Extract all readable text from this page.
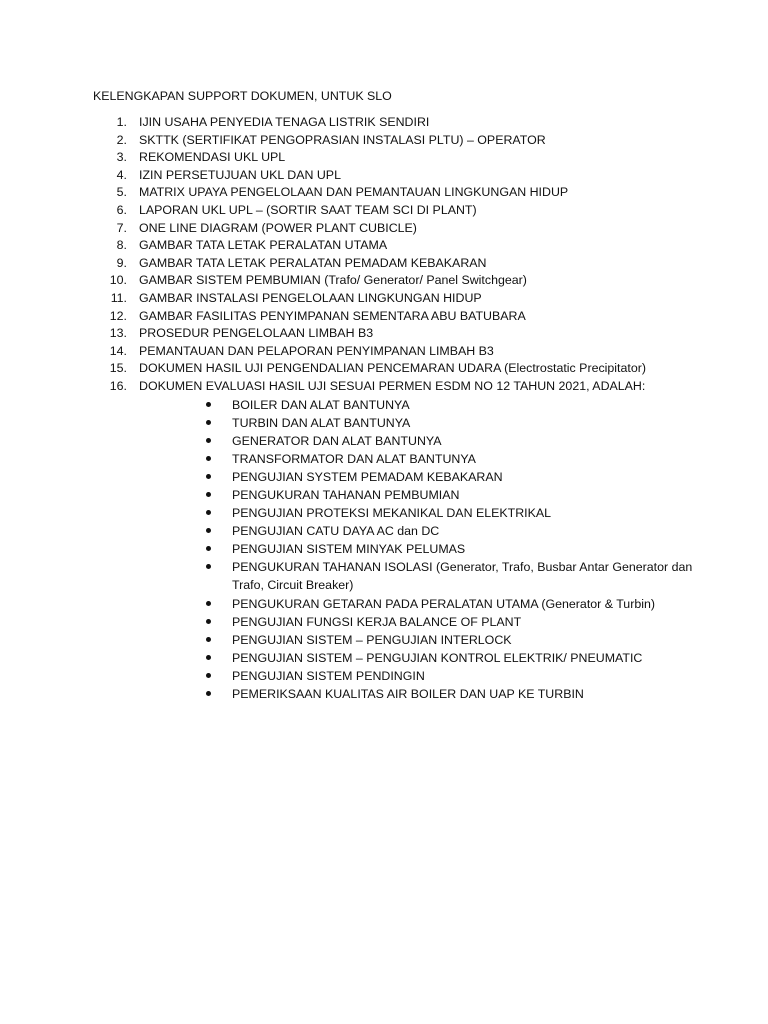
KELENGKAPAN SUPPORT DOKUMEN, UNTUK SLO
1. IJIN USAHA PENYEDIA TENAGA LISTRIK SENDIRI
2. SKTTK (SERTIFIKAT PENGOPRASIAN INSTALASI PLTU) – OPERATOR
3. REKOMENDASI UKL UPL
4. IZIN PERSETUJUAN UKL DAN UPL
5. MATRIX UPAYA PENGELOLAAN DAN PEMANTAUAN LINGKUNGAN HIDUP
6. LAPORAN UKL UPL – (SORTIR SAAT TEAM SCI DI PLANT)
7. ONE LINE DIAGRAM (POWER PLANT CUBICLE)
8. GAMBAR TATA LETAK PERALATAN UTAMA
9. GAMBAR TATA LETAK PERALATAN PEMADAM KEBAKARAN
10. GAMBAR SISTEM PEMBUMIAN (Trafo/ Generator/ Panel Switchgear)
11. GAMBAR INSTALASI PENGELOLAAN LINGKUNGAN HIDUP
12. GAMBAR FASILITAS PENYIMPANAN SEMENTARA ABU BATUBARA
13. PROSEDUR PENGELOLAAN LIMBAH B3
14. PEMANTAUAN DAN PELAPORAN PENYIMPANAN LIMBAH B3
15. DOKUMEN HASIL UJI PENGENDALIAN PENCEMARAN UDARA (Electrostatic Precipitator)
16. DOKUMEN EVALUASI HASIL UJI SESUAI PERMEN ESDM NO 12 TAHUN 2021, ADALAH:
BOILER DAN ALAT BANTUNYA
TURBIN DAN ALAT BANTUNYA
GENERATOR DAN ALAT BANTUNYA
TRANSFORMATOR DAN ALAT BANTUNYA
PENGUJIAN SYSTEM PEMADAM KEBAKARAN
PENGUKURAN TAHANAN PEMBUMIAN
PENGUJIAN PROTEKSI MEKANIKAL DAN ELEKTRIKAL
PENGUJIAN CATU DAYA AC dan DC
PENGUJIAN SISTEM MINYAK PELUMAS
PENGUKURAN TAHANAN ISOLASI (Generator, Trafo, Busbar Antar Generator dan Trafo, Circuit Breaker)
PENGUKURAN GETARAN PADA PERALATAN UTAMA (Generator & Turbin)
PENGUJIAN FUNGSI KERJA BALANCE OF PLANT
PENGUJIAN SISTEM – PENGUJIAN INTERLOCK
PENGUJIAN SISTEM – PENGUJIAN KONTROL ELEKTRIK/ PNEUMATIC
PENGUJIAN SISTEM PENDINGIN
PEMERIKSAAN KUALITAS AIR BOILER DAN UAP KE TURBIN
